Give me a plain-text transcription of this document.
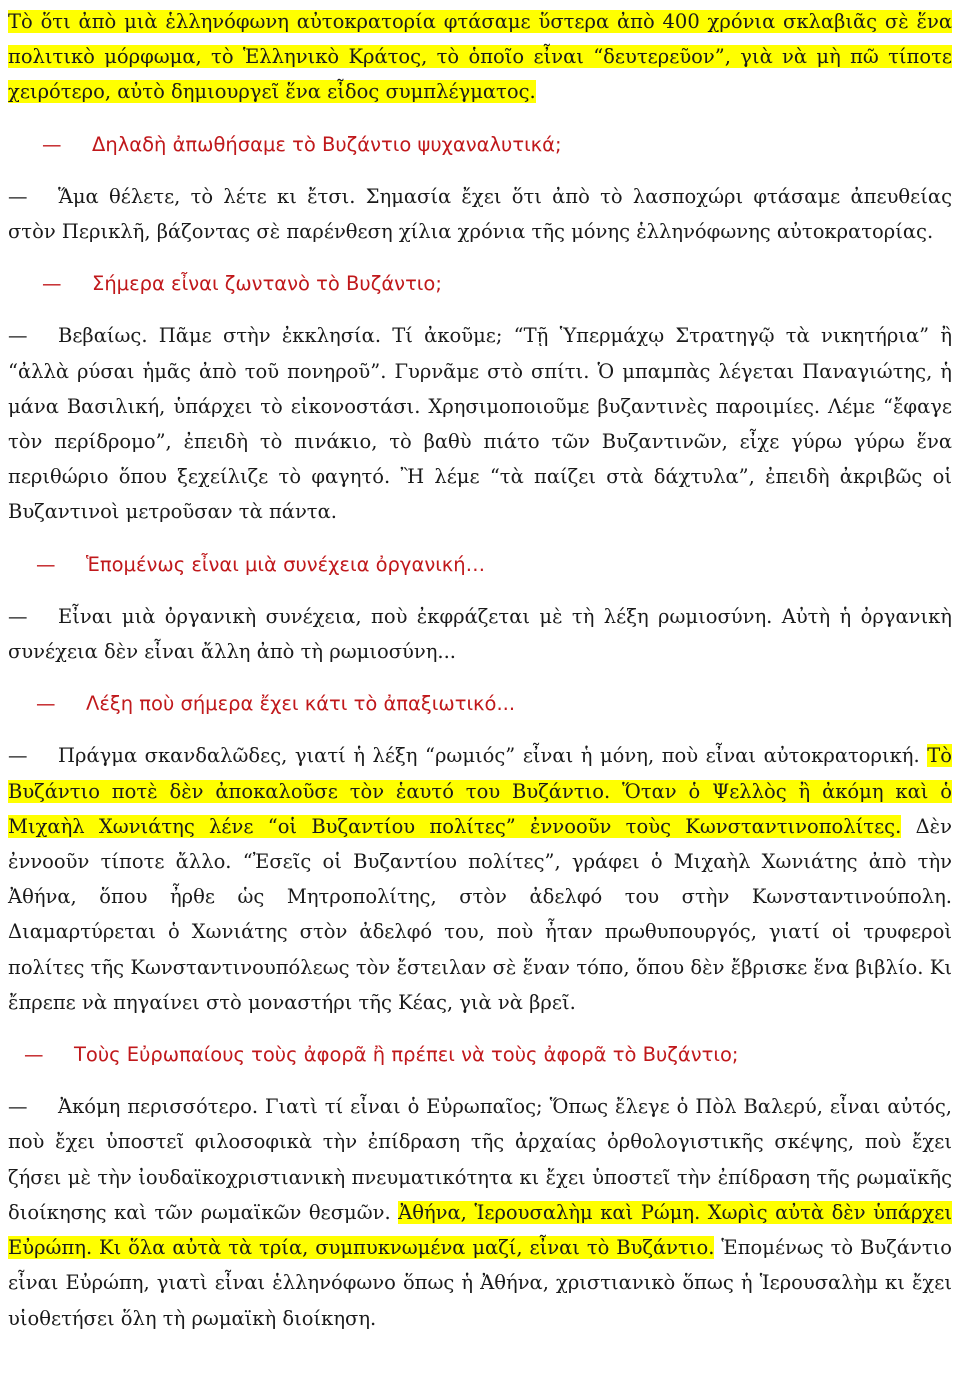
Τὸ ὅτι ἀπὸ μιὰ ἑλληνόφωνη αὐτοκρατορία φτάσαμε ὕστερα ἀπὸ 400 χρόνια σκλαβιᾶς σὲ ἕνα πολιτικὸ μόρφωμα, τὸ Ἑλληνικὸ Κράτος, τὸ ὁποῖο εἶναι “δευτερεῦον”, γιὰ νὰ μὴ πῶ τίποτε χειρότερο, αὐτὸ δημιουργεῖ ἕνα εἶδος συμπλέγματος.

— Δηλαδὴ ἀπωθήσαμε τὸ Βυζάντιο ψυχαναλυτικά;

— Ἅμα θέλετε, τὸ λέτε κι ἔτσι. Σημασία ἔχει ὅτι ἀπὸ τὸ λασποχώρι φτάσαμε ἀπευθείας στὸν Περικλῆ, βάζοντας σὲ παρένθεση χίλια χρόνια τῆς μόνης ἑλληνόφωνης αὐτοκρατορίας.

— Σήμερα εἶναι ζωντανὸ τὸ Βυζάντιο;

— Βεβαίως. Πᾶμε στὴν ἐκκλησία. Τί ἀκοῦμε; “Τῇ Ὑπερμάχῳ Στρατηγῷ τὰ νικητήρια” ἢ “ἀλλὰ ρύσαι ἡμᾶς ἀπὸ τοῦ πονηροῦ”. Γυρνᾶμε στὸ σπίτι. Ὁ μπαμπὰς λέγεται Παναγιώτης, ἡ μάνα Βασιλική, ὑπάρχει τὸ εἰκονοστάσι. Χρησιμοποιοῦμε βυζαντινὲς παροιμίες. Λέμε “ἔφαγε τὸν περίδρομο”, ἐπειδὴ τὸ πινάκιο, τὸ βαθὺ πιάτο τῶν Βυζαντινῶν, εἶχε γύρω γύρω ἕνα περιθώριο ὅπου ξεχείλιζε τὸ φαγητό. Ἢ λέμε “τὰ παίζει στὰ δάχτυλα”, ἐπειδὴ ἀκριβῶς οἱ Βυζαντινοὶ μετροῦσαν τὰ πάντα.

— Ἑπομένως εἶναι μιὰ συνέχεια ὀργανική…

— Εἶναι μιὰ ὀργανικὴ συνέχεια, ποὺ ἐκφράζεται μὲ τὴ λέξη ρωμιοσύνη. Αὐτὴ ἡ ὀργανικὴ συνέχεια δὲν εἶναι ἄλλη ἀπὸ τὴ ρωμιοσύνη...

— Λέξη ποὺ σήμερα ἔχει κάτι τὸ ἀπαξιωτικό...

— Πράγμα σκανδαλῶδες, γιατί ἡ λέξη “ρωμιός” εἶναι ἡ μόνη, ποὺ εἶναι αὐτοκρατορική. Τὸ Βυζάντιο ποτὲ δὲν ἀποκαλοῦσε τὸν ἑαυτό του Βυζάντιο. Ὅταν ὁ Ψελλὸς ἢ ἀκόμη καὶ ὁ Μιχαὴλ Χωνιάτης λένε “οἱ Βυζαντίου πολίτες” ἐννοοῦν τοὺς Κωνσταντινοπολίτες. Δὲν ἐννοοῦν τίποτε ἄλλο. “Ἐσεῖς οἱ Βυζαντίου πολίτες”, γράφει ὁ Μιχαὴλ Χωνιάτης ἀπὸ τὴν Ἀθήνα, ὅπου ἦρθε ὡς Μητροπολίτης, στὸν ἀδελφό του στὴν Κωνσταντινούπολη. Διαμαρτύρεται ὁ Χωνιάτης στὸν ἀδελφό του, ποὺ ἦταν πρωθυπουργός, γιατί οἱ τρυφεροὶ πολίτες τῆς Κωνσταντινουπόλεως τὸν ἔστειλαν σὲ ἕναν τόπο, ὅπου δὲν ἔβρισκε ἕνα βιβλίο. Κι ἔπρεπε νὰ πηγαίνει στὸ μοναστήρι τῆς Κέας, γιὰ νὰ βρεῖ.

— Τοὺς Εὐρωπαίους τοὺς ἀφορᾶ ἢ πρέπει νὰ τοὺς ἀφορᾶ τὸ Βυζάντιο;

— Ἀκόμη περισσότερο. Γιατὶ τί εἶναι ὁ Εὐρωπαῖος; Ὅπως ἔλεγε ὁ Πὸλ Βαλερύ, εἶναι αὐτός, ποὺ ἔχει ὑποστεῖ φιλοσοφικὰ τὴν ἐπίδραση τῆς ἀρχαίας ὀρθολογιστικῆς σκέψης, ποὺ ἔχει ζήσει μὲ τὴν ἰουδαϊκοχριστιανικὴ πνευματικότητα κι ἔχει ὑποστεῖ τὴν ἐπίδραση τῆς ρωμαϊκῆς διοίκησης καὶ τῶν ρωμαϊκῶν θεσμῶν. Ἀθήνα, Ἱερουσαλὴμ καὶ Ρώμη. Χωρὶς αὐτὰ δὲν ὑπάρχει Εὐρώπη. Κι ὅλα αὐτὰ τὰ τρία, συμπυκνωμένα μαζί, εἶναι τὸ Βυζάντιο. Ἑπομένως τὸ Βυζάντιο εἶναι Εὐρώπη, γιατὶ εἶναι ἑλληνόφωνο ὅπως ἡ Ἀθήνα, χριστιανικὸ ὅπως ἡ Ἱερουσαλὴμ κι ἔχει υἱοθετήσει ὅλη τὴ ρωμαϊκὴ διοίκηση.
